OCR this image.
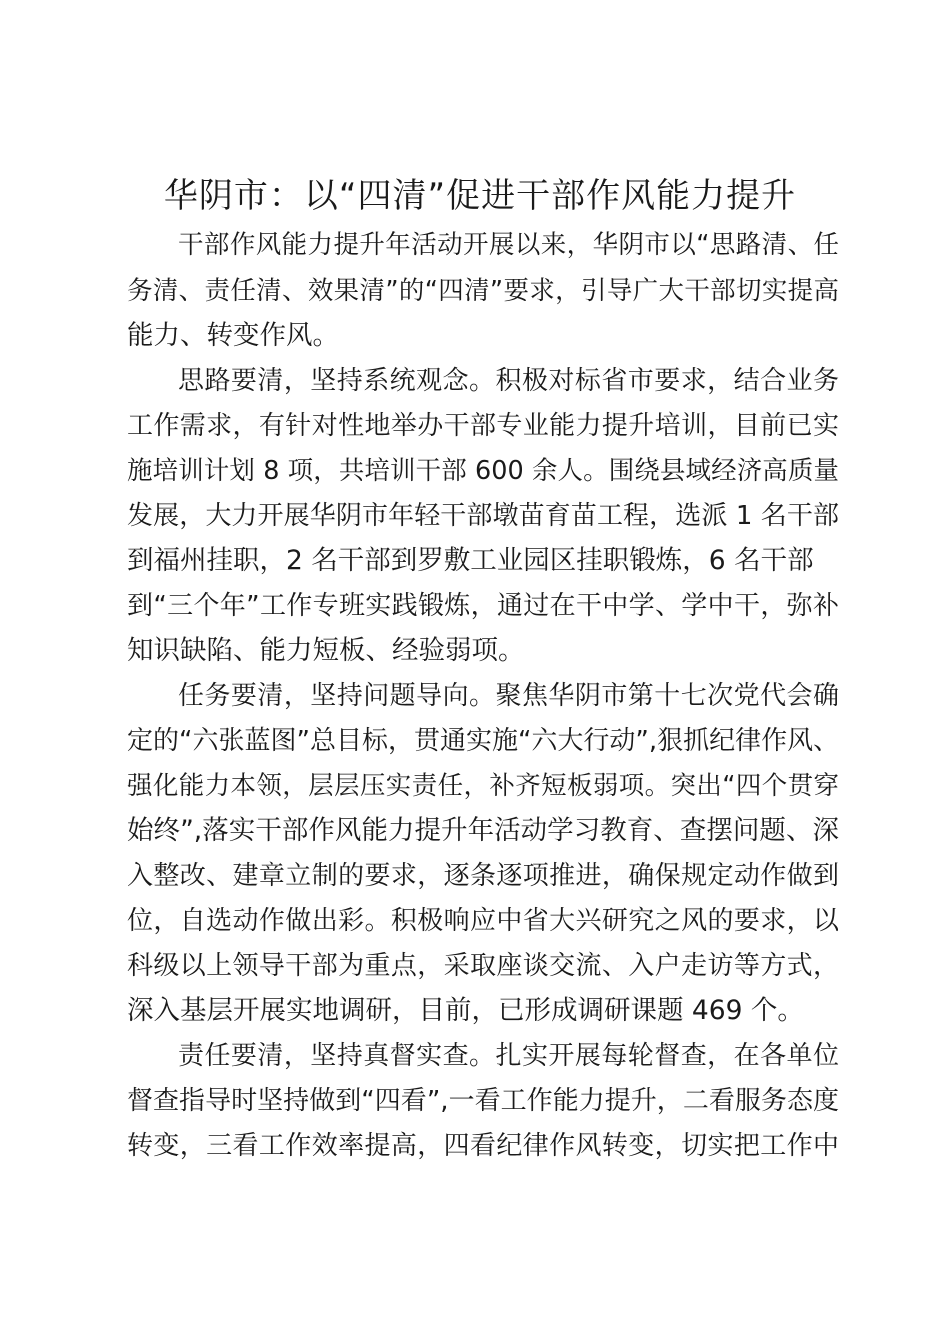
华阴市：以“四清”促进干部作风能力提升
干部作风能力提升年活动开展以来，华阴市以“思路清、任
务清、责任清、效果清”的“四清”要求，引导广大干部切实提高
能力、转变作风。
思路要清，坚持系统观念。积极对标省市要求，结合业务
工作需求，有针对性地举办干部专业能力提升培训，目前已实
施培训计划 8 项，共培训干部 600 余人。围绕县域经济高质量
发展，大力开展华阴市年轻干部墩苗育苗工程，选派 1 名干部
到福州挂职，2 名干部到罗敷工业园区挂职锻炼，6 名干部
到“三个年”工作专班实践锻炼，通过在干中学、学中干，弥补
知识缺陷、能力短板、经验弱项。
任务要清，坚持问题导向。聚焦华阴市第十七次党代会确
定的“六张蓝图”总目标，贯通实施“六大行动”,狠抓纪律作风、
强化能力本领，层层压实责任，补齐短板弱项。突出“四个贯穿
始终”,落实干部作风能力提升年活动学习教育、查摆问题、深
入整改、建章立制的要求，逐条逐项推进，确保规定动作做到
位，自选动作做出彩。积极响应中省大兴研究之风的要求，以
科级以上领导干部为重点，采取座谈交流、入户走访等方式，
深入基层开展实地调研，目前，已形成调研课题 469 个。
责任要清，坚持真督实查。扎实开展每轮督查，在各单位
督查指导时坚持做到“四看”,一看工作能力提升，二看服务态度
转变，三看工作效率提高，四看纪律作风转变，切实把工作中
